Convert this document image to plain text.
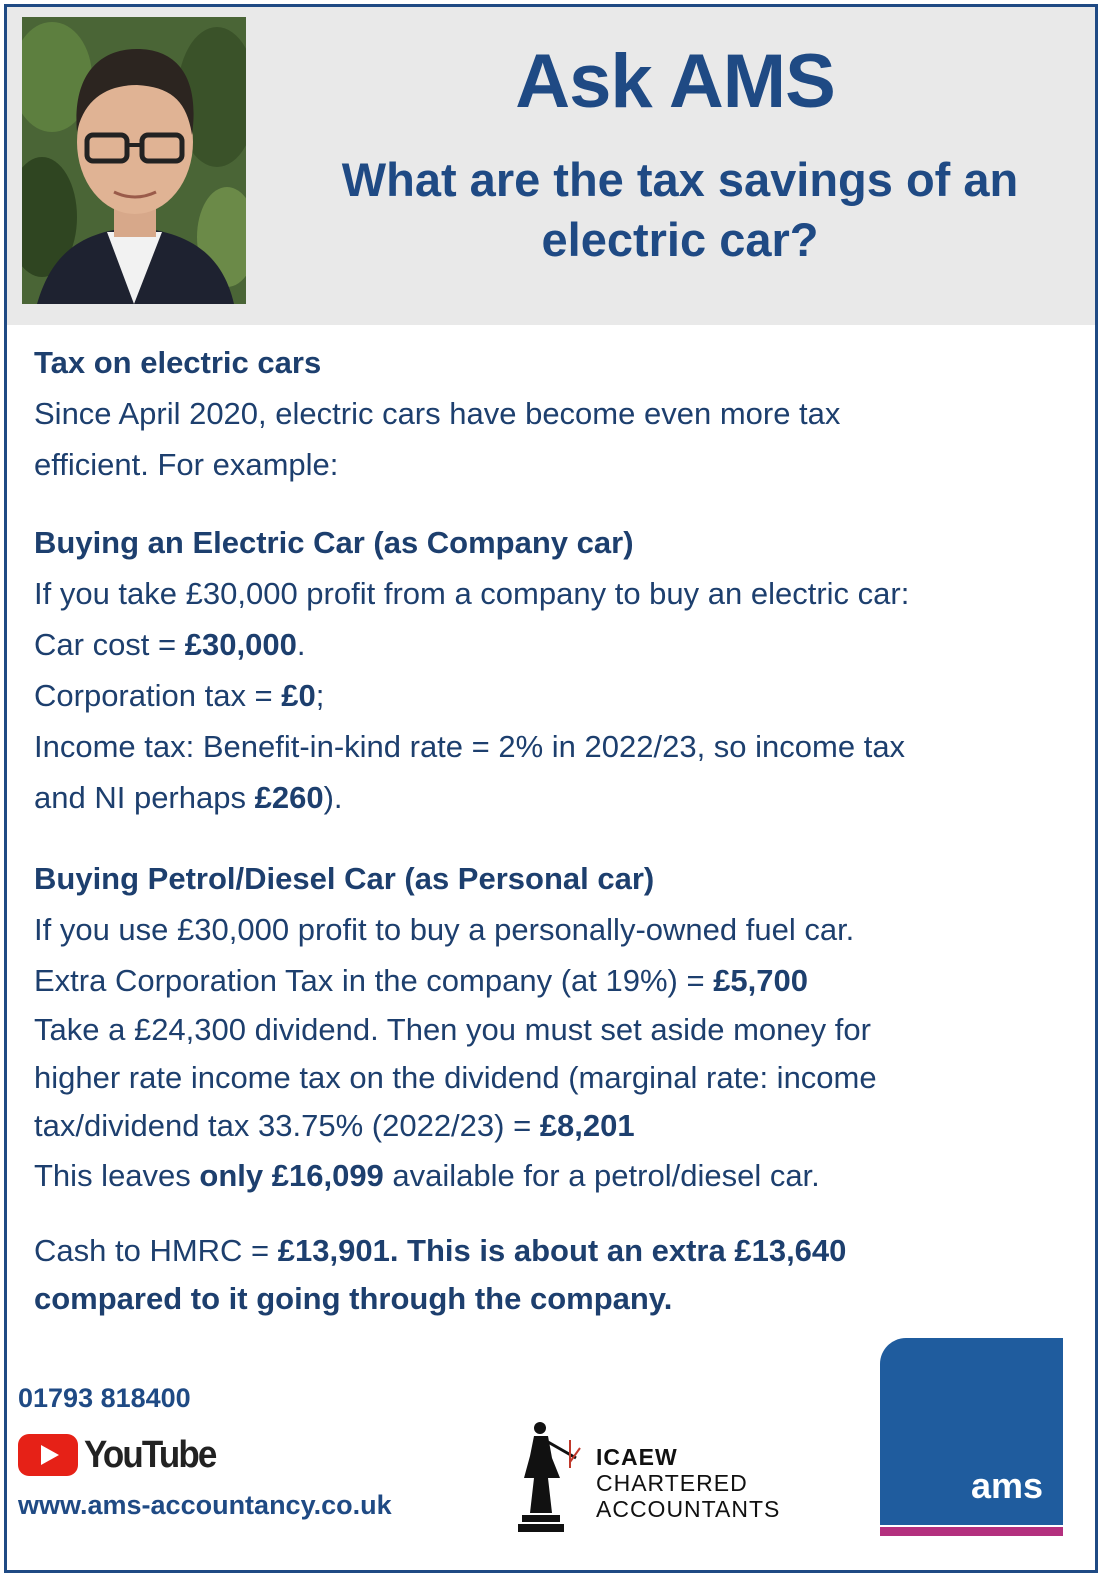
Ask AMS
What are the tax savings of an
electric car?

Tax on electric cars

Since April 2020, electric cars have become even more tax

efficient. For example:

Buying an Electric Car (as Company car)

If you take £30,000 profit from a company to buy an electric car:

Car cost = £30,000.

Corporation tax = £0;

Income tax: Benefit-in-kind rate = 2% in 2022/23, so income tax

and NI perhaps £260).

Buying Petrol/Diesel Car (as Personal car)

If you use £30,000 profit to buy a personally-owned fuel car.

Extra Corporation Tax in the company (at 19%) = £5,700

Take a £24,300 dividend. Then you must set aside money for

higher rate income tax on the dividend (marginal rate: income

tax/dividend tax 33.75% (2022/23) = £8,201

This leaves only £16,099 available for a petrol/diesel car.

Cash to HMRC = £13,901. This is about an extra £13,640

compared to it going through the company.

01793 818400
YouTube
www.ams-accountancy.co.uk
ICAEW
CHARTERED
ACCOUNTANTS
ams
